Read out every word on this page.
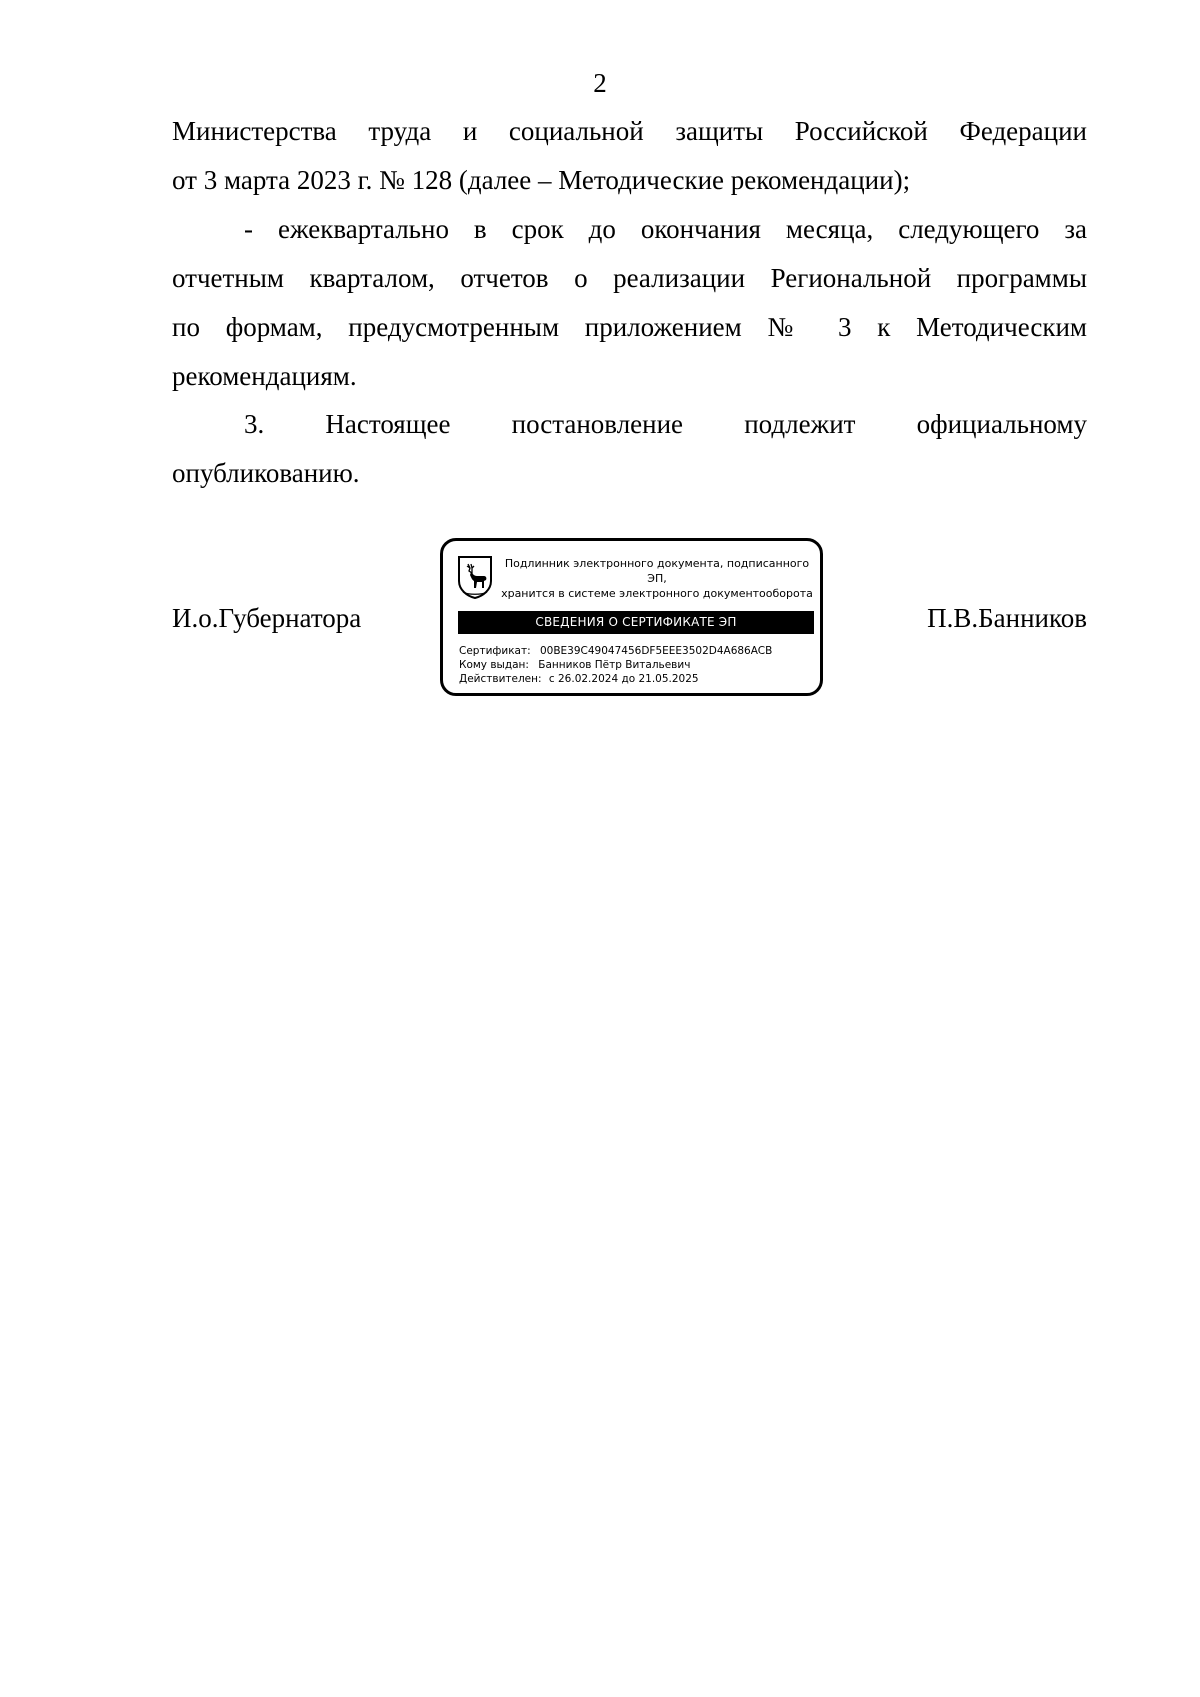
2
Министерства труда и социальной защиты Российской Федерации
от 3 марта 2023 г. № 128 (далее – Методические рекомендации);
- ежеквартально в срок до окончания месяца, следующего за
отчетным кварталом, отчетов о реализации Региональной программы
по формам, предусмотренным приложением № 3 к Методическим
рекомендациям.
3. Настоящее постановление подлежит официальному
опубликованию.
И.о.Губернатора	П.В.Банников
Подлинник электронного документа, подписанного ЭП,
хранится в системе электронного документооборота
СВЕДЕНИЯ О СЕРТИФИКАТЕ ЭП
Сертификат: 00BE39C49047456DF5EEE3502D4A686ACB
Кому выдан: Банников Пётр Витальевич
Действителен: с 26.02.2024 до 21.05.2025
